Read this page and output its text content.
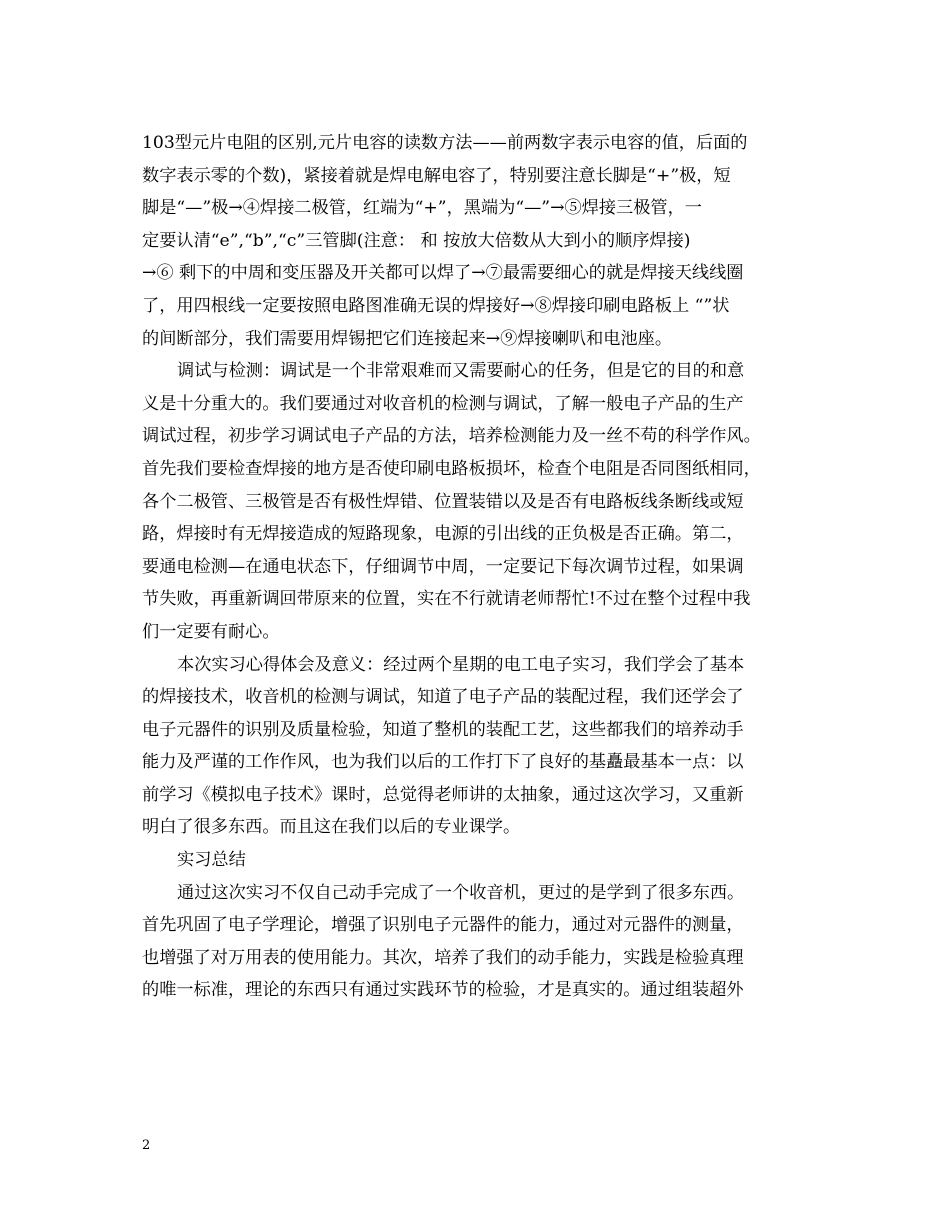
103型元片电阻的区别,元片电容的读数方法——前两数字表示电容的值，后面的
数字表示零的个数)，紧接着就是焊电解电容了，特别要注意长脚是“+”极，短
脚是“—”极→④焊接二极管，红端为“+”，黑端为“—”→⑤焊接三极管，一
定要认清“e”,“b”,“c”三管脚(注意： 和 按放大倍数从大到小的顺序焊接)
→⑥ 剩下的中周和变压器及开关都可以焊了→⑦最需要细心的就是焊接天线线圈
了，用四根线一定要按照电路图准确无误的焊接好→⑧焊接印刷电路板上 “”状
的间断部分，我们需要用焊锡把它们连接起来→⑨焊接喇叭和电池座。

调试与检测：调试是一个非常艰难而又需要耐心的任务，但是它的目的和意
义是十分重大的。我们要通过对收音机的检测与调试，了解一般电子产品的生产
调试过程，初步学习调试电子产品的方法，培养检测能力及一丝不苟的科学作风。
首先我们要检查焊接的地方是否使印刷电路板损坏，检查个电阻是否同图纸相同，
各个二极管、三极管是否有极性焊错、位置装错以及是否有电路板线条断线或短
路，焊接时有无焊接造成的短路现象，电源的引出线的正负极是否正确。第二，
要通电检测—在通电状态下，仔细调节中周，一定要记下每次调节过程，如果调
节失败，再重新调回带原来的位置，实在不行就请老师帮忙!不过在整个过程中我
们一定要有耐心。

本次实习心得体会及意义：经过两个星期的电工电子实习，我们学会了基本
的焊接技术，收音机的检测与调试，知道了电子产品的装配过程，我们还学会了
电子元器件的识别及质量检验，知道了整机的装配工艺，这些都我们的培养动手
能力及严谨的工作作风，也为我们以后的工作打下了良好的基矗最基本一点：以
前学习《模拟电子技术》课时，总觉得老师讲的太抽象，通过这次学习，又重新
明白了很多东西。而且这在我们以后的专业课学。

实习总结

通过这次实习不仅自己动手完成了一个收音机，更过的是学到了很多东西。
首先巩固了电子学理论，增强了识别电子元器件的能力，通过对元器件的测量，
也增强了对万用表的使用能力。其次，培养了我们的动手能力，实践是检验真理
的唯一标准，理论的东西只有通过实践环节的检验，才是真实的。通过组装超外

2
